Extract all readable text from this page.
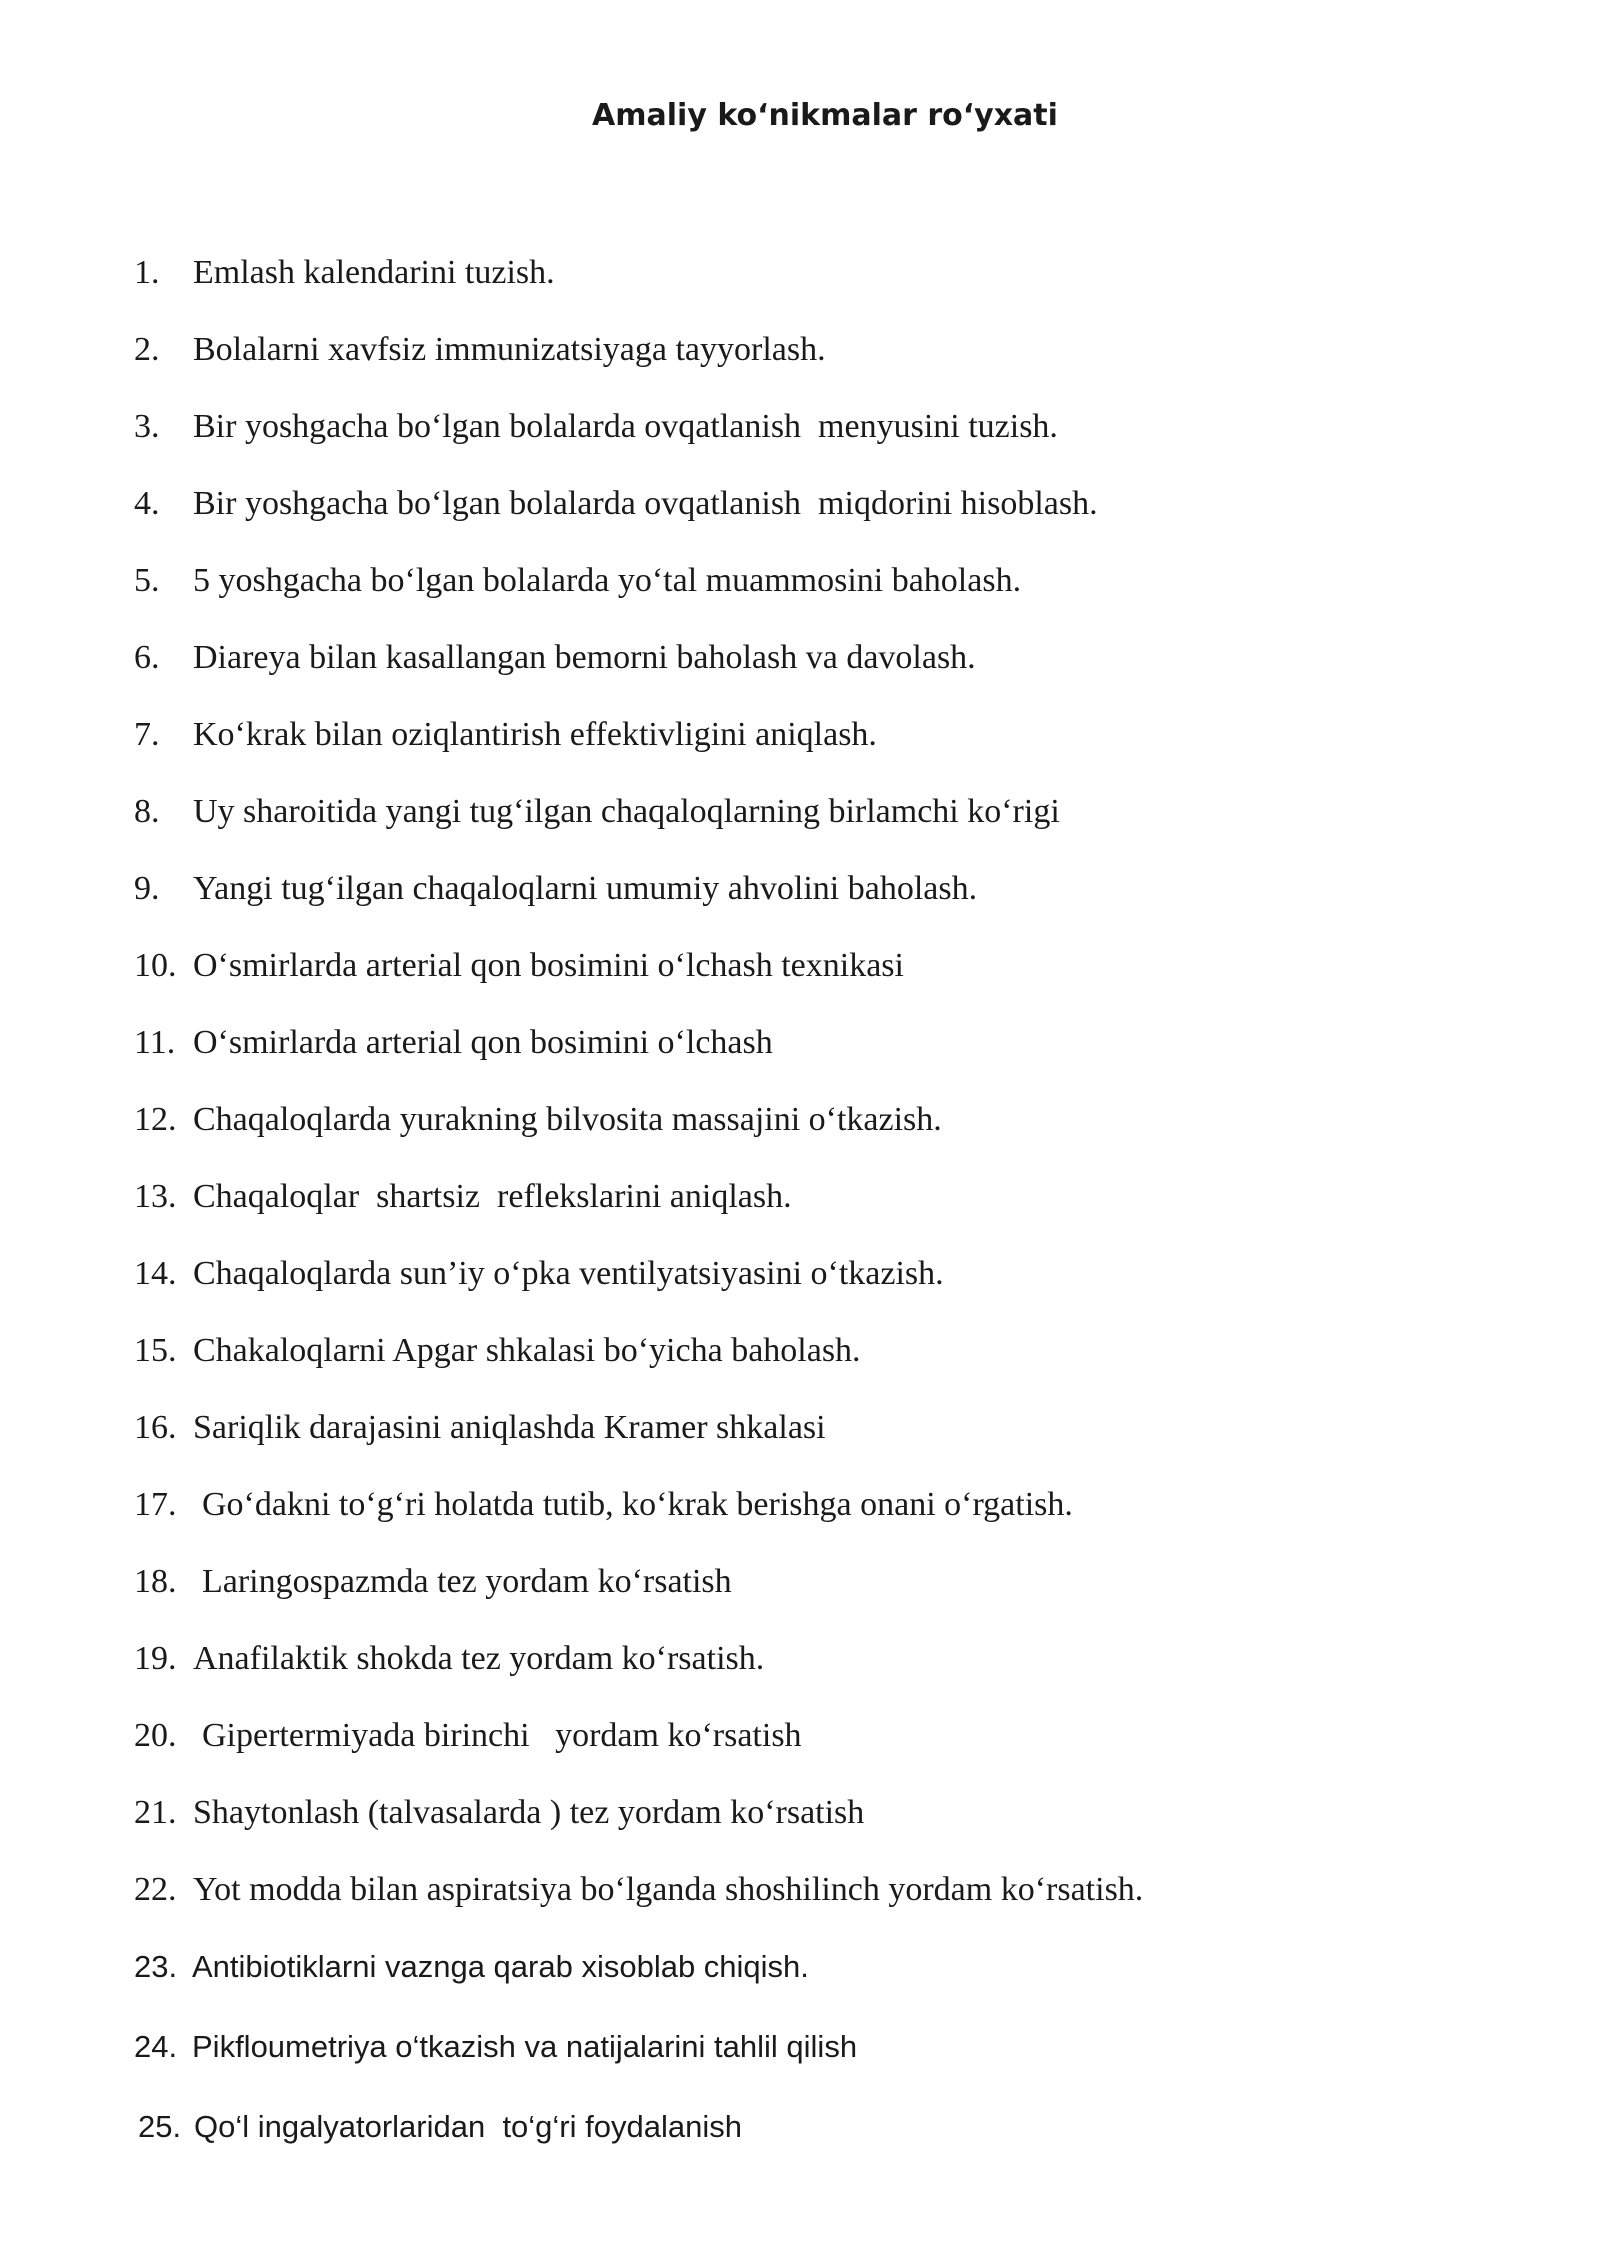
Amaliy ko‘nikmalar ro‘yxati
1. Emlash kalendarini tuzish.
2. Bolalarni xavfsiz immunizatsiyaga tayyorlash.
3. Bir yoshgacha bo‘lgan bolalarda ovqatlanish  menyusini tuzish.
4. Bir yoshgacha bo‘lgan bolalarda ovqatlanish  miqdorini hisoblash.
5. 5 yoshgacha bo‘lgan bolalarda yo‘tal muammosini baholash.
6. Diareya bilan kasallangan bemorni baholash va davolash.
7. Ko‘krak bilan oziqlantirish effektivligini aniqlash.
8. Uy sharoitida yangi tug‘ilgan chaqaloqlarning birlamchi ko‘rigi
9. Yangi tug‘ilgan chaqaloqlarni umumiy ahvolini baholash.
10. O‘smirlarda arterial qon bosimini o‘lchash texnikasi
11. O‘smirlarda arterial qon bosimini o‘lchash
12. Chaqaloqlarda yurakning bilvosita massajini o‘tkazish.
13. Chaqaloqlar  shartsiz  reflekslarini aniqlash.
14. Chaqaloqlarda sun’iy o‘pka ventilyatsiyasini o‘tkazish.
15. Chakaloqlarni Apgar shkalasi bo‘yicha baholash.
16. Sariqlik darajasini aniqlashda Kramer shkalasi
17. Go‘dakni to‘g‘ri holatda tutib, ko‘krak berishga onani o‘rgatish.
18. Laringospazmda tez yordam ko‘rsatish
19. Anafilaktik shokda tez yordam ko‘rsatish.
20. Gipertermiyada birinchi   yordam ko‘rsatish
21. Shaytonlash (talvasalarda ) tez yordam ko‘rsatish
22. Yot modda bilan aspiratsiya bo‘lganda shoshilinch yordam ko‘rsatish.
23. Antibiotiklarni vaznga qarab xisoblab chiqish.
24. Pikfloumetriya o‘tkazish va natijalarini tahlil qilish
25. Qo‘l ingalyatorlaridan  to‘g‘ri foydalanish
